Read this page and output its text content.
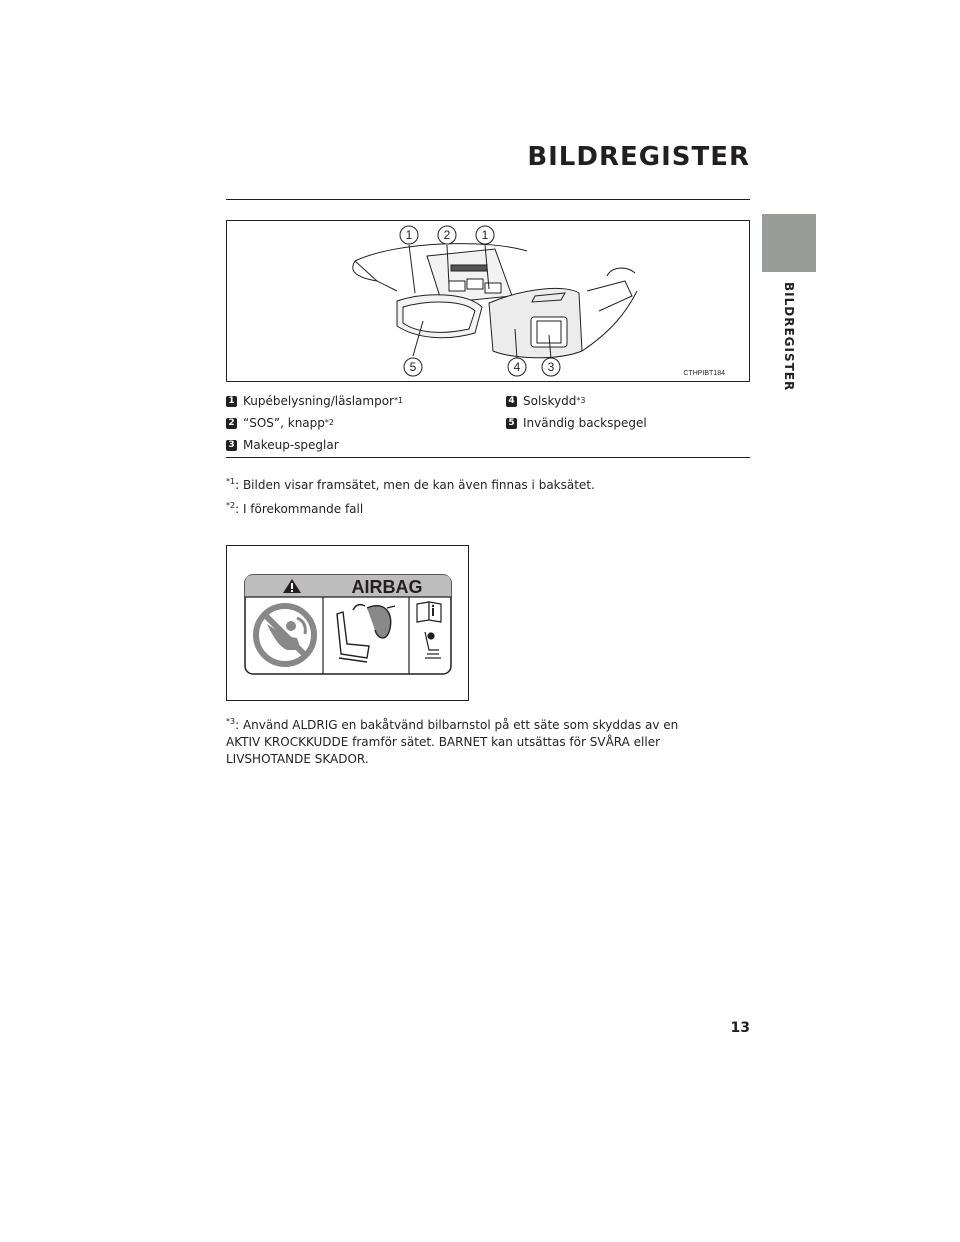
BILDREGISTER
BILDREGISTER
1	2	1
5	4 3	CTHPIBT184
1 Kupébelysning/läslampor *1
2 “SOS”, knapp *2
3 Makeup-speglar
4 Solskydd *3
5 Invändig backspegel
$^{*1}$: Bilden visar framsätet, men de kan även finnas i baksätet.
$^{*2}$: I förekommande fall
AIRBAG
$^{*3}$: Använd ALDRIG en bakåtvänd bilbarnstol på ett säte som skyddas av en AKTIV KROCKKUDDE framför sätet. BARNET kan utsättas för SVÅRA eller LIVSHOTANDE SKADOR.
13
